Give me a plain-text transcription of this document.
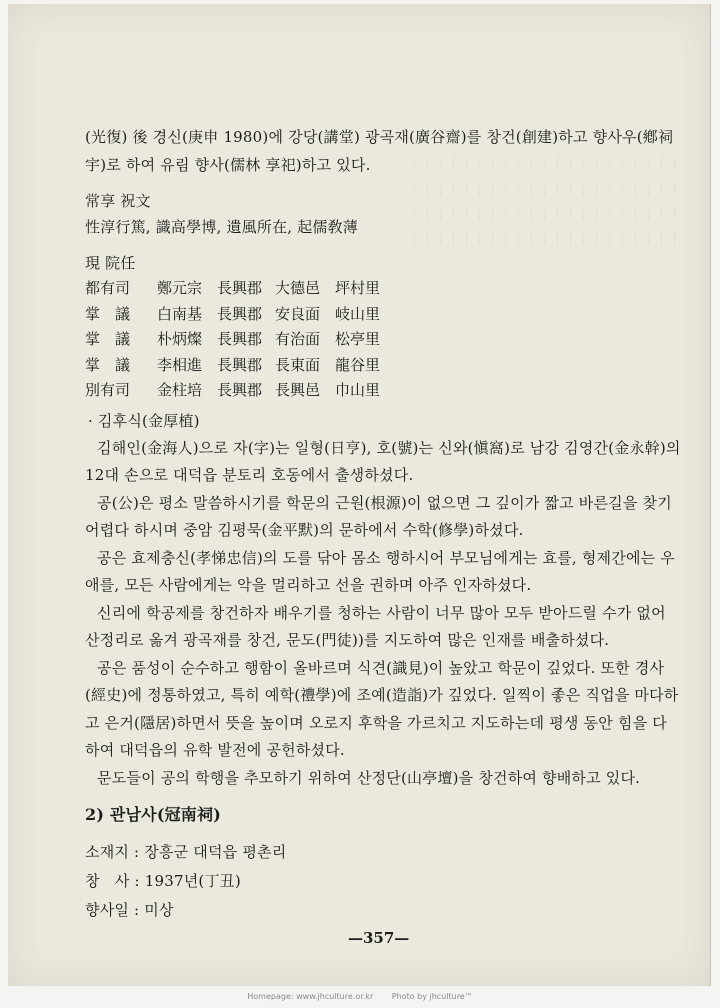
｜｜｜｜｜｜｜｜｜｜｜｜｜｜｜｜｜｜｜｜｜
｜｜｜｜｜｜｜｜｜｜｜｜｜｜｜｜｜｜｜｜｜
｜｜｜｜｜｜｜｜｜｜｜｜｜｜｜｜｜｜｜｜｜
｜｜｜｜｜｜｜｜｜｜｜｜｜｜｜｜｜｜｜｜｜
(光復) 後 경신(庚申 1980)에 강당(講堂) 광곡재(廣谷齋)를 창건(創建)하고 향사우(鄕祠
宇)로 하여 유림 향사(儒林 享祀)하고 있다.
常享 祝文
性淳行篤, 識高學博, 遺風所在, 起儒敎薄
現 院任
都有司 鄭元宗 長興郡 大德邑 坪村里
掌　議 白南基 長興郡 安良面 岐山里
掌　議 朴炳燦 長興郡 有治面 松亭里
掌　議 李相進 長興郡 長東面 龍谷里
別有司 金柱培 長興郡 長興邑 巾山里
· 김후식(金厚植)
김해인(金海人)으로 자(字)는 일형(日亨), 호(號)는 신와(愼窩)로 남강 김영간(金永幹)의
12대 손으로 대덕읍 분토리 호동에서 출생하셨다.
공(公)은 평소 말씀하시기를 학문의 근원(根源)이 없으면 그 깊이가 짧고 바른길을 찾기
어렵다 하시며 중암 김평묵(金平默)의 문하에서 수학(修學)하셨다.
공은 효제충신(孝悌忠信)의 도를 닦아 몸소 행하시어 부모님에게는 효를, 형제간에는 우
애를, 모든 사람에게는 악을 멀리하고 선을 권하며 아주 인자하셨다.
신리에 학공제를 창건하자 배우기를 청하는 사람이 너무 많아 모두 받아드릴 수가 없어
산정리로 옮겨 광곡재를 창건, 문도(門徒))를 지도하여 많은 인재를 배출하셨다.
공은 품성이 순수하고 행함이 올바르며 식견(識見)이 높았고 학문이 깊었다. 또한 경사
(經史)에 정통하였고, 특히 예학(禮學)에 조예(造詣)가 깊었다. 일찍이 좋은 직업을 마다하
고 은거(隱居)하면서 뜻을 높이며 오로지 후학을 가르치고 지도하는데 평생 동안 힘을 다
하여 대덕읍의 유학 발전에 공헌하셨다.
문도들이 공의 학행을 추모하기 위하여 산정단(山亭壇)을 창건하여 향배하고 있다.
2) 관남사(冠南祠)
소재지 : 장흥군 대덕읍 평촌리
창　사 : 1937년(丁丑)
향사일 : 미상
—357—
Homepage: www.jhculture.or.kr Photo by jhculture™
